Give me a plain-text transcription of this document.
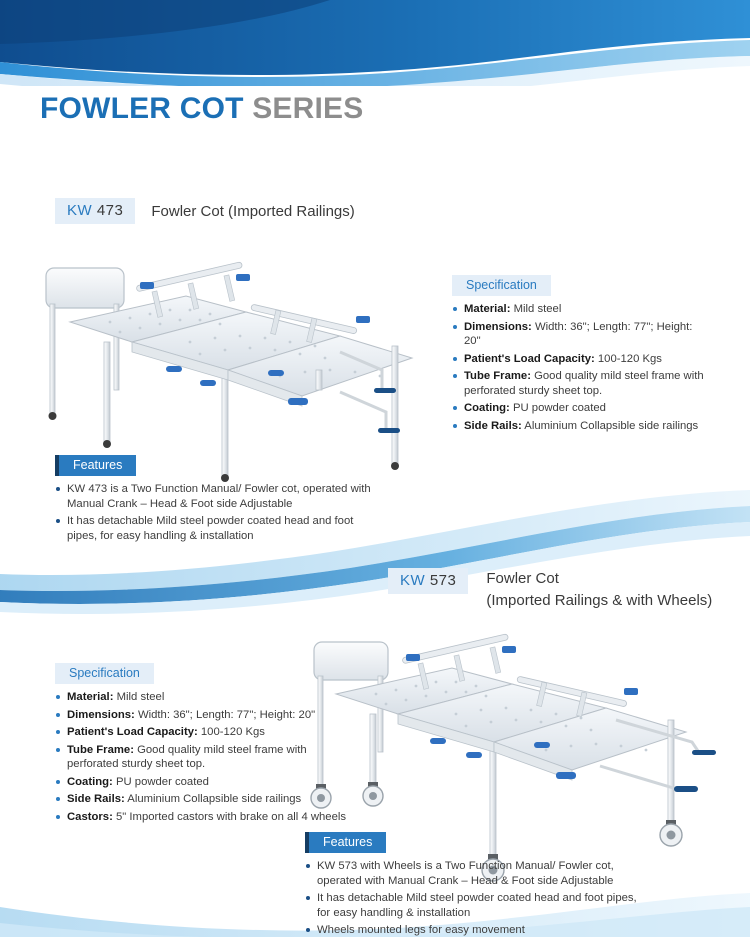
FOWLER COT SERIES
KW 473	Fowler Cot (Imported Railings)
Specification
Material: Mild steel
Dimensions: Width: 36"; Length: 77"; Height: 20"
Patient's Load Capacity: 100-120 Kgs
Tube Frame: Good quality mild steel frame with perforated sturdy sheet top.
Coating: PU powder coated
Side Rails: Aluminium Collapsible side railings
Features
KW 473 is a Two Function Manual/ Fowler cot, operated with Manual Crank – Head & Foot side Adjustable
It has detachable Mild steel powder coated head and foot pipes, for easy handling & installation
KW 573	Fowler Cot
(Imported Railings & with Wheels)
Specification
Material: Mild steel
Dimensions: Width: 36"; Length: 77"; Height: 20"
Patient's Load Capacity: 100-120 Kgs
Tube Frame: Good quality mild steel frame with perforated sturdy sheet top.
Coating: PU powder coated
Side Rails: Aluminium Collapsible side railings
Castors: 5" Imported castors with brake on all 4 wheels
Features
KW 573 with Wheels is a Two Function Manual/ Fowler cot, operated with Manual Crank – Head & Foot side Adjustable
It has detachable Mild steel powder coated head and foot pipes, for easy handling & installation
Wheels mounted legs for easy movement
